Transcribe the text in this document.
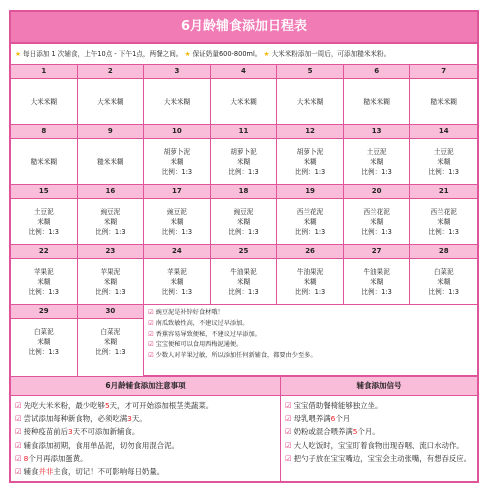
6月龄辅食添加日程表
★ 每日添加 1 次辅食，上午10点 - 下午1点，两餐之间。 ★ 保证奶量600-800ml。 ★ 大米米粉添加一周后，可添加糙米米粉。
1
大米米糊
2
大米米糊
3
大米米糊
4
大米米糊
5
大米米糊
6
糙米米糊
7
糙米米糊
8
糙米米糊
9
糙米米糊
10
胡萝卜泥
米糊
比例：1:3
11
胡萝卜泥
米糊
比例：1:3
12
胡萝卜泥
米糊
比例：1:3
13
土豆泥
米糊
比例：1:3
14
土豆泥
米糊
比例：1:3
15
土豆泥
米糊
比例：1:3
16
豌豆泥
米糊
比例：1:3
17
豌豆泥
米糊
比例：1:3
18
豌豆泥
米糊
比例：1:3
19
西兰花泥
米糊
比例：1:3
20
西兰花泥
米糊
比例：1:3
21
西兰花泥
米糊
比例：1:3
22
苹果泥
米糊
比例：1:3
23
苹果泥
米糊
比例：1:3
24
苹果泥
米糊
比例：1:3
25
牛油果泥
米糊
比例：1:3
26
牛油果泥
米糊
比例：1:3
27
牛油果泥
米糊
比例：1:3
28
白菜泥
米糊
比例：1:3
29
白菜泥
米糊
比例：1:3
30
白菜泥
米糊
比例：1:3
☑ 豌豆泥是补锌好食材哦！
☑ 南瓜致敏性高，不建议过早添加。
☑ 香蕉容易导致便秘，不建议过早添加。
☑ 宝宝便秘可以食用西梅泥通便。
☑ 少数人对苹果过敏，所以添加任何新辅食，都要由少至多。
6月龄辅食添加注意事项
☑ 先吃大米米粉，最少吃够5天，才可开始添加根茎类蔬菜。
☑ 尝试添加每种新食物，必须吃满3天。
☑ 接种疫苗前后3天不可添加新辅食。
☑ 辅食添加初期，食用单品泥，切勿食用混合泥。
☑ 8个月再添加蛋黄。
☑ 辅食并非主食，切记！不可影响每日奶量。
辅食添加信号
☑ 宝宝借助餐椅能够独立坐。
☑ 母乳喂养满6个月
☑ 奶粉或混合喂养满5个月。
☑ 大人吃饭时，宝宝盯着食物出现吞咽、流口水动作。
☑ 把勺子放在宝宝嘴边，宝宝会主动张嘴，有想吞反应。
